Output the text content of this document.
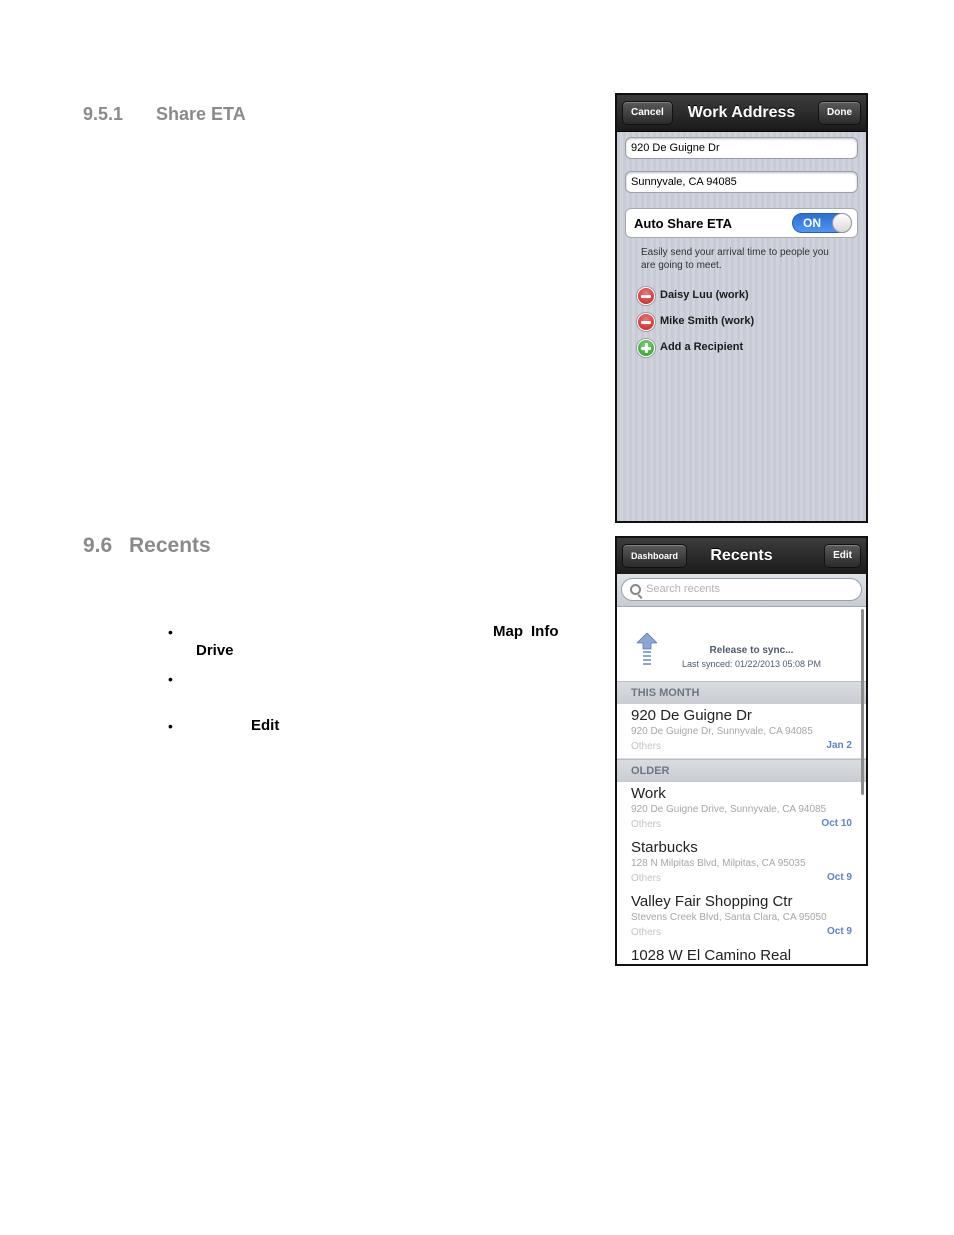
9.5.1 Share ETA
9.6 Recents
•	Map Info
Drive
•
•	Edit
Cancel	Work Address	Done
920 De Guigne Dr
Sunnyvale, CA 94085
Auto Share ETA	ON
Easily send your arrival time to people you are going to meet.
Daisy Luu (work)
Mike Smith (work)
Add a Recipient
Dashboard	Recents	Edit
Search recents
Release to sync...
Last synced: 01/22/2013 05:08 PM
THIS MONTH
920 De Guigne Dr
920 De Guigne Dr, Sunnyvale, CA 94085
Others	Jan 2
OLDER
Work
920 De Guigne Drive, Sunnyvale, CA 94085
Others	Oct 10
Starbucks
128 N Milpitas Blvd, Milpitas, CA 95035
Others	Oct 9
Valley Fair Shopping Ctr
Stevens Creek Blvd, Santa Clara, CA 95050
Others	Oct 9
1028 W El Camino Real
